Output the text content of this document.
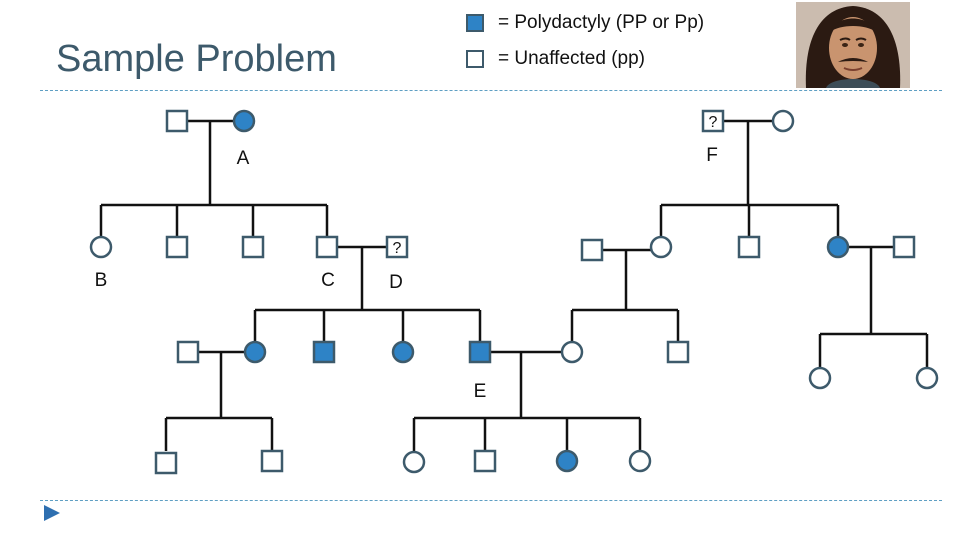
Sample Problem
= Polydactyly (PP or Pp)
= Unaffected (pp)
?
?
A	F
B	C	D
E
